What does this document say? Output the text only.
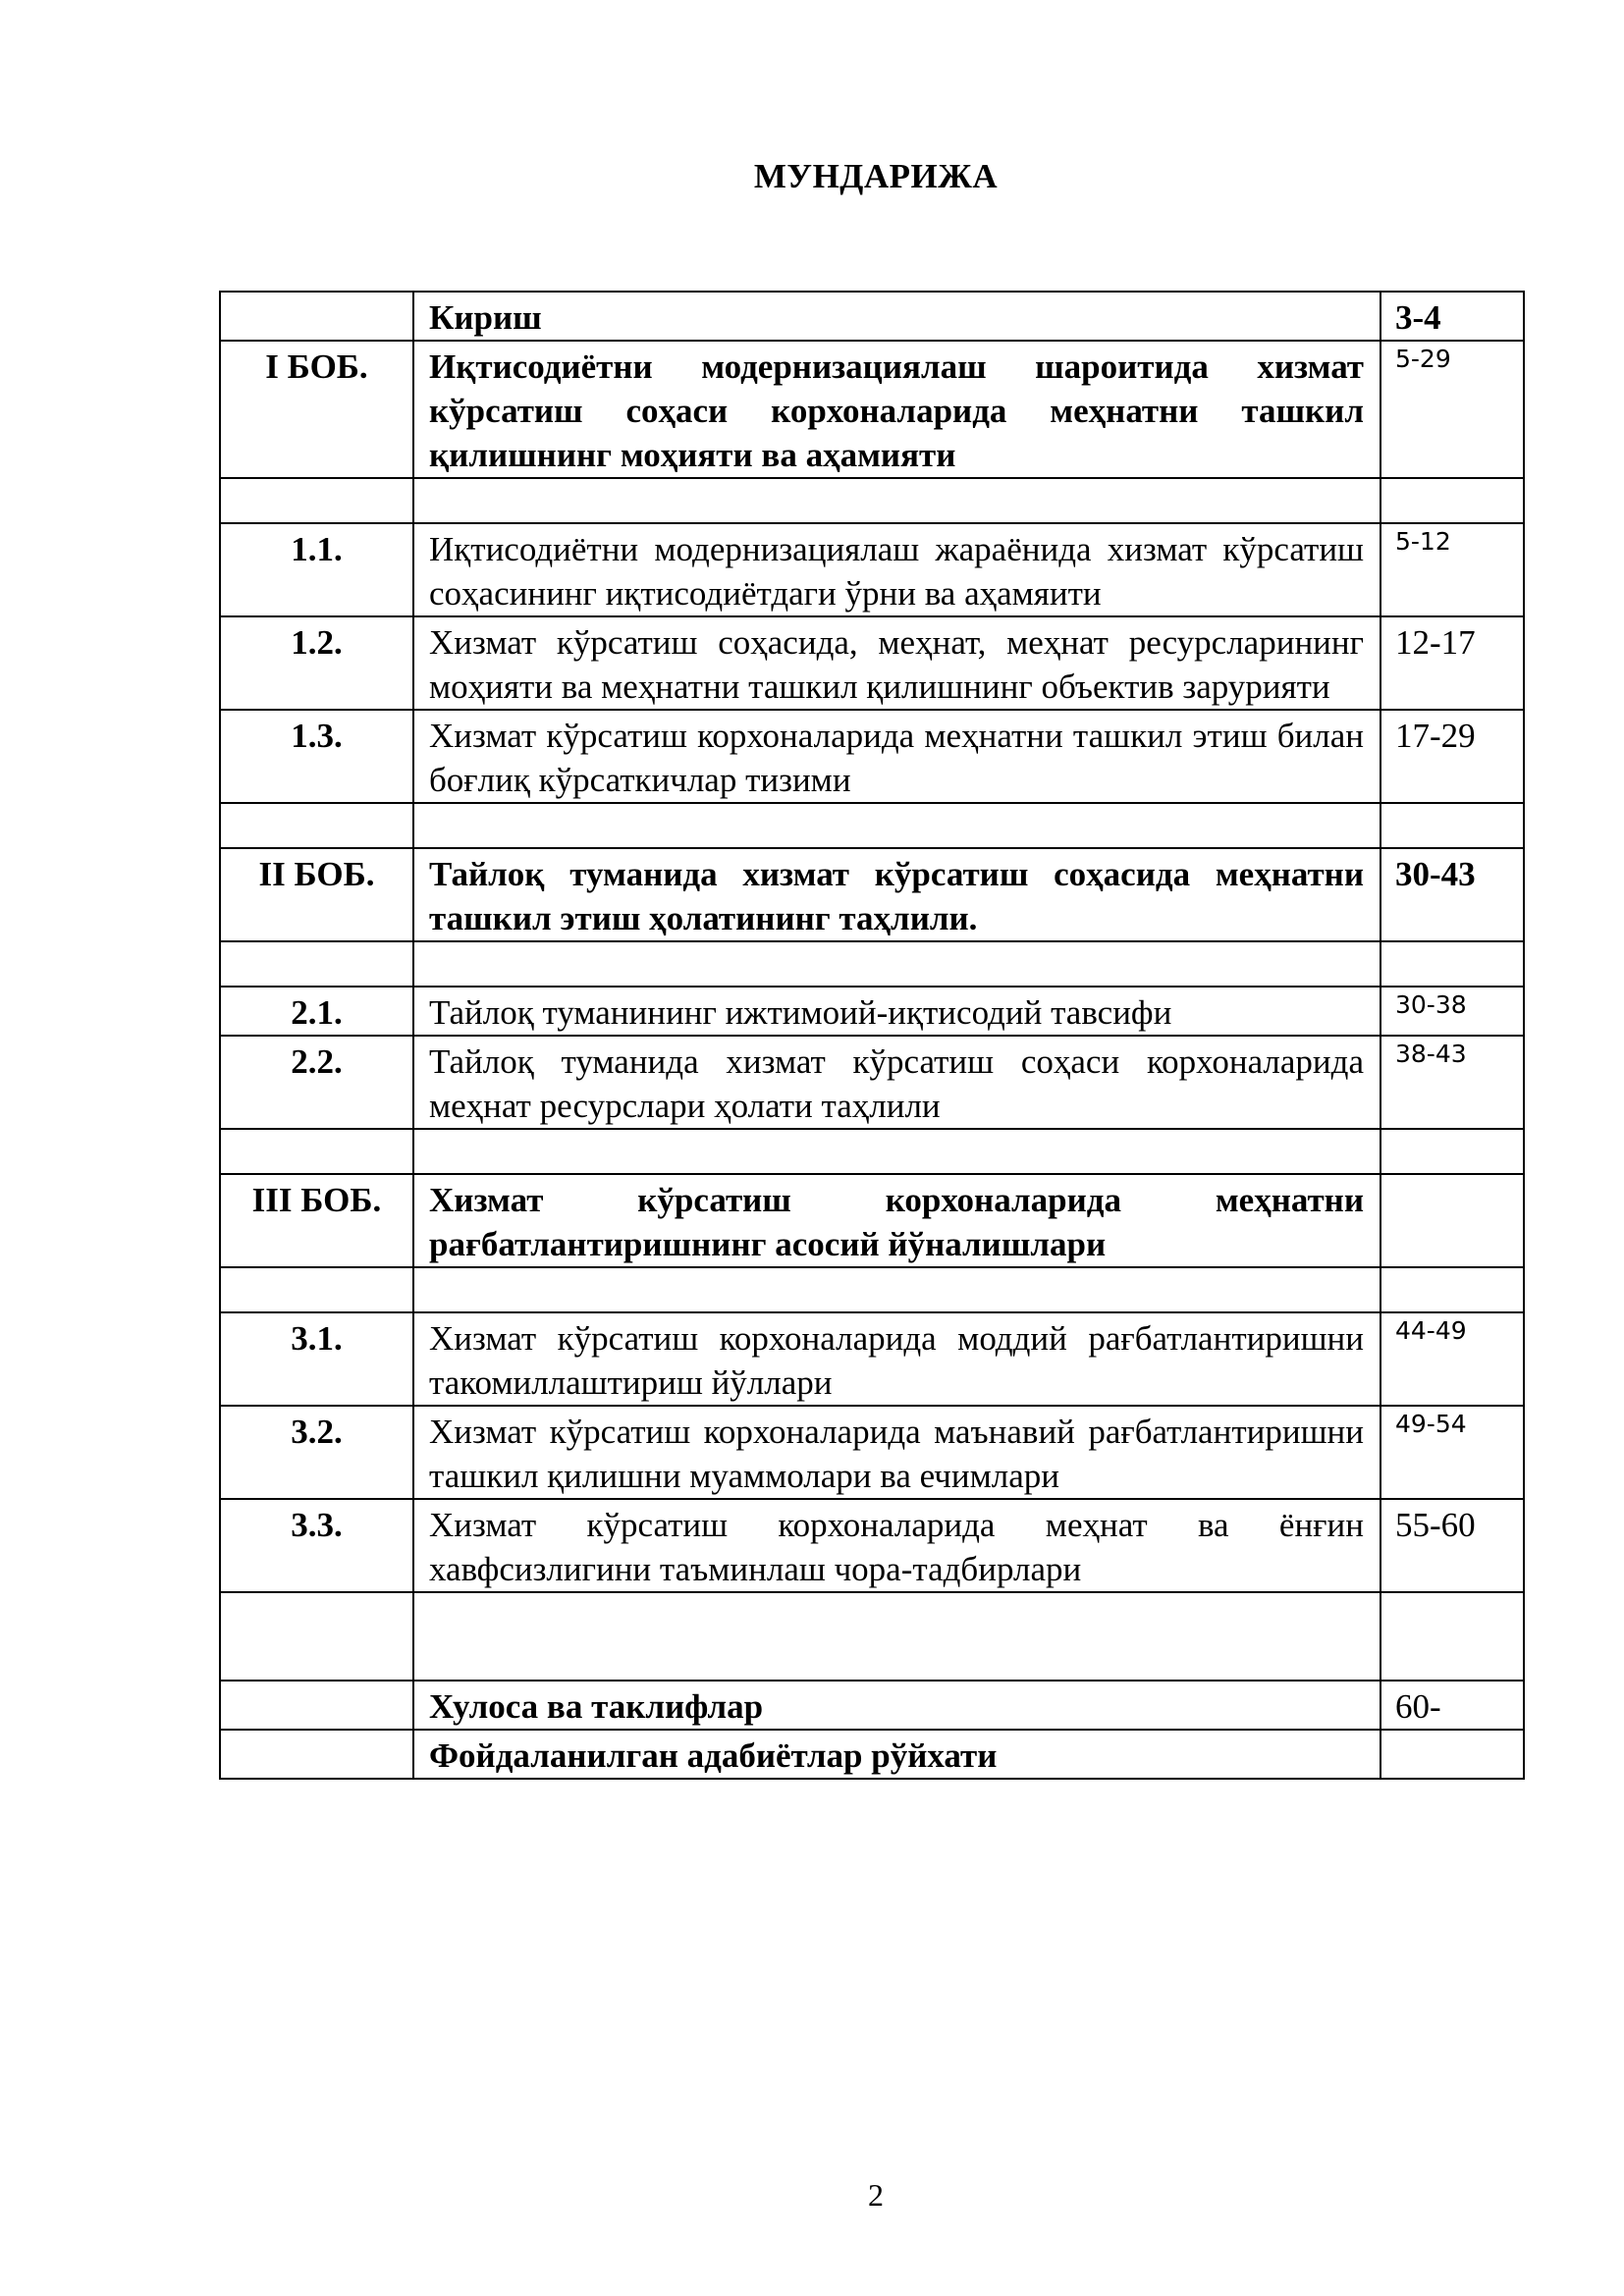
МУНДАРИЖА
	Кириш	3-4
I БОБ.	Иқтисодиётни модернизациялаш шароитида хизмат кўрсатиш соҳаси корхоналарида меҳнатни ташкил қилишнинг моҳияти ва аҳамияти	5-29

1.1.	Иқтисодиётни модернизациялаш жараёнида хизмат кўрсатиш соҳасининг иқтисодиётдаги ўрни ва аҳамяити	5-12
1.2.	Хизмат кўрсатиш соҳасида, меҳнат, меҳнат ресурсларининг моҳияти ва меҳнатни ташкил қилишнинг объектив зарурияти	12-17
1.3.	Хизмат кўрсатиш корхоналарида меҳнатни ташкил этиш билан боғлиқ кўрсаткичлар тизими	17-29

II БОБ.	Тайлоқ туманида хизмат кўрсатиш соҳасида меҳнатни ташкил этиш ҳолатининг таҳлили.	30-43

2.1.	Тайлоқ туманининг ижтимоий-иқтисодий тавсифи	30-38
2.2.	Тайлоқ туманида хизмат кўрсатиш соҳаси корхоналарида меҳнат ресурслари ҳолати таҳлили	38-43

III БОБ.	Хизмат кўрсатиш корхоналарида меҳнатни рағбатлантиришнинг асосий йўналишлари	

3.1.	Хизмат кўрсатиш корхоналарида моддий рағбатлантиришни такомиллаштириш йўллари	44-49
3.2.	Хизмат кўрсатиш корхоналарида маънавий рағбатлантиришни ташкил қилишни муаммолари ва ечимлари	49-54
3.3.	Хизмат кўрсатиш корхоналарида меҳнат ва ёнғин хавфсизлигини таъминлаш чора-тадбирлари	55-60

	Хулоса ва таклифлар	60-
	Фойдаланилган адабиётлар рўйхати	
2
